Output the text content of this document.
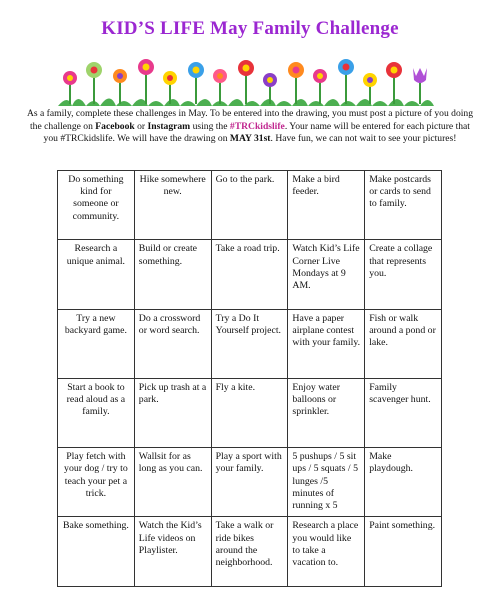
KID’S LIFE May Family Challenge
As a family, complete these challenges in May. To be entered into the drawing, you must post a picture of you doing the challenge on Facebook or Instagram using the #TRCkidslife. Your name will be entered for each picture that you #TRCkidslife. We will have the drawing on MAY 31st. Have fun, we can not wait to see your pictures!
Do something kind for someone or community.	Hike somewhere new.	Go to the park.	Make a bird feeder.	Make postcards or cards to send to family.
Research a unique animal.	Build or create something.	Take a road trip.	Watch Kid’s Life Corner Live Mondays at 9 AM.	Create a collage that represents you.
Try a new backyard game.	Do a crossword or word search.	Try a Do It Yourself project.	Have a paper airplane contest with your family.	Fish or walk around a pond or lake.
Start a book to read aloud as a family.	Pick up trash at a park.	Fly a kite.	Enjoy water balloons or sprinkler.	Family scavenger hunt.
Play fetch with your dog / try to teach your pet a trick.	Wallsit for as long as you can.	Play a sport with your family.	5 pushups / 5 sit ups / 5 squats / 5 lunges /5 minutes of running x 5	Make playdough.
Bake something.	Watch the Kid’s Life videos on Playlister.	Take a walk or ride bikes around the neighborhood.	Research a place you would like to take a vacation to.	Paint something.
